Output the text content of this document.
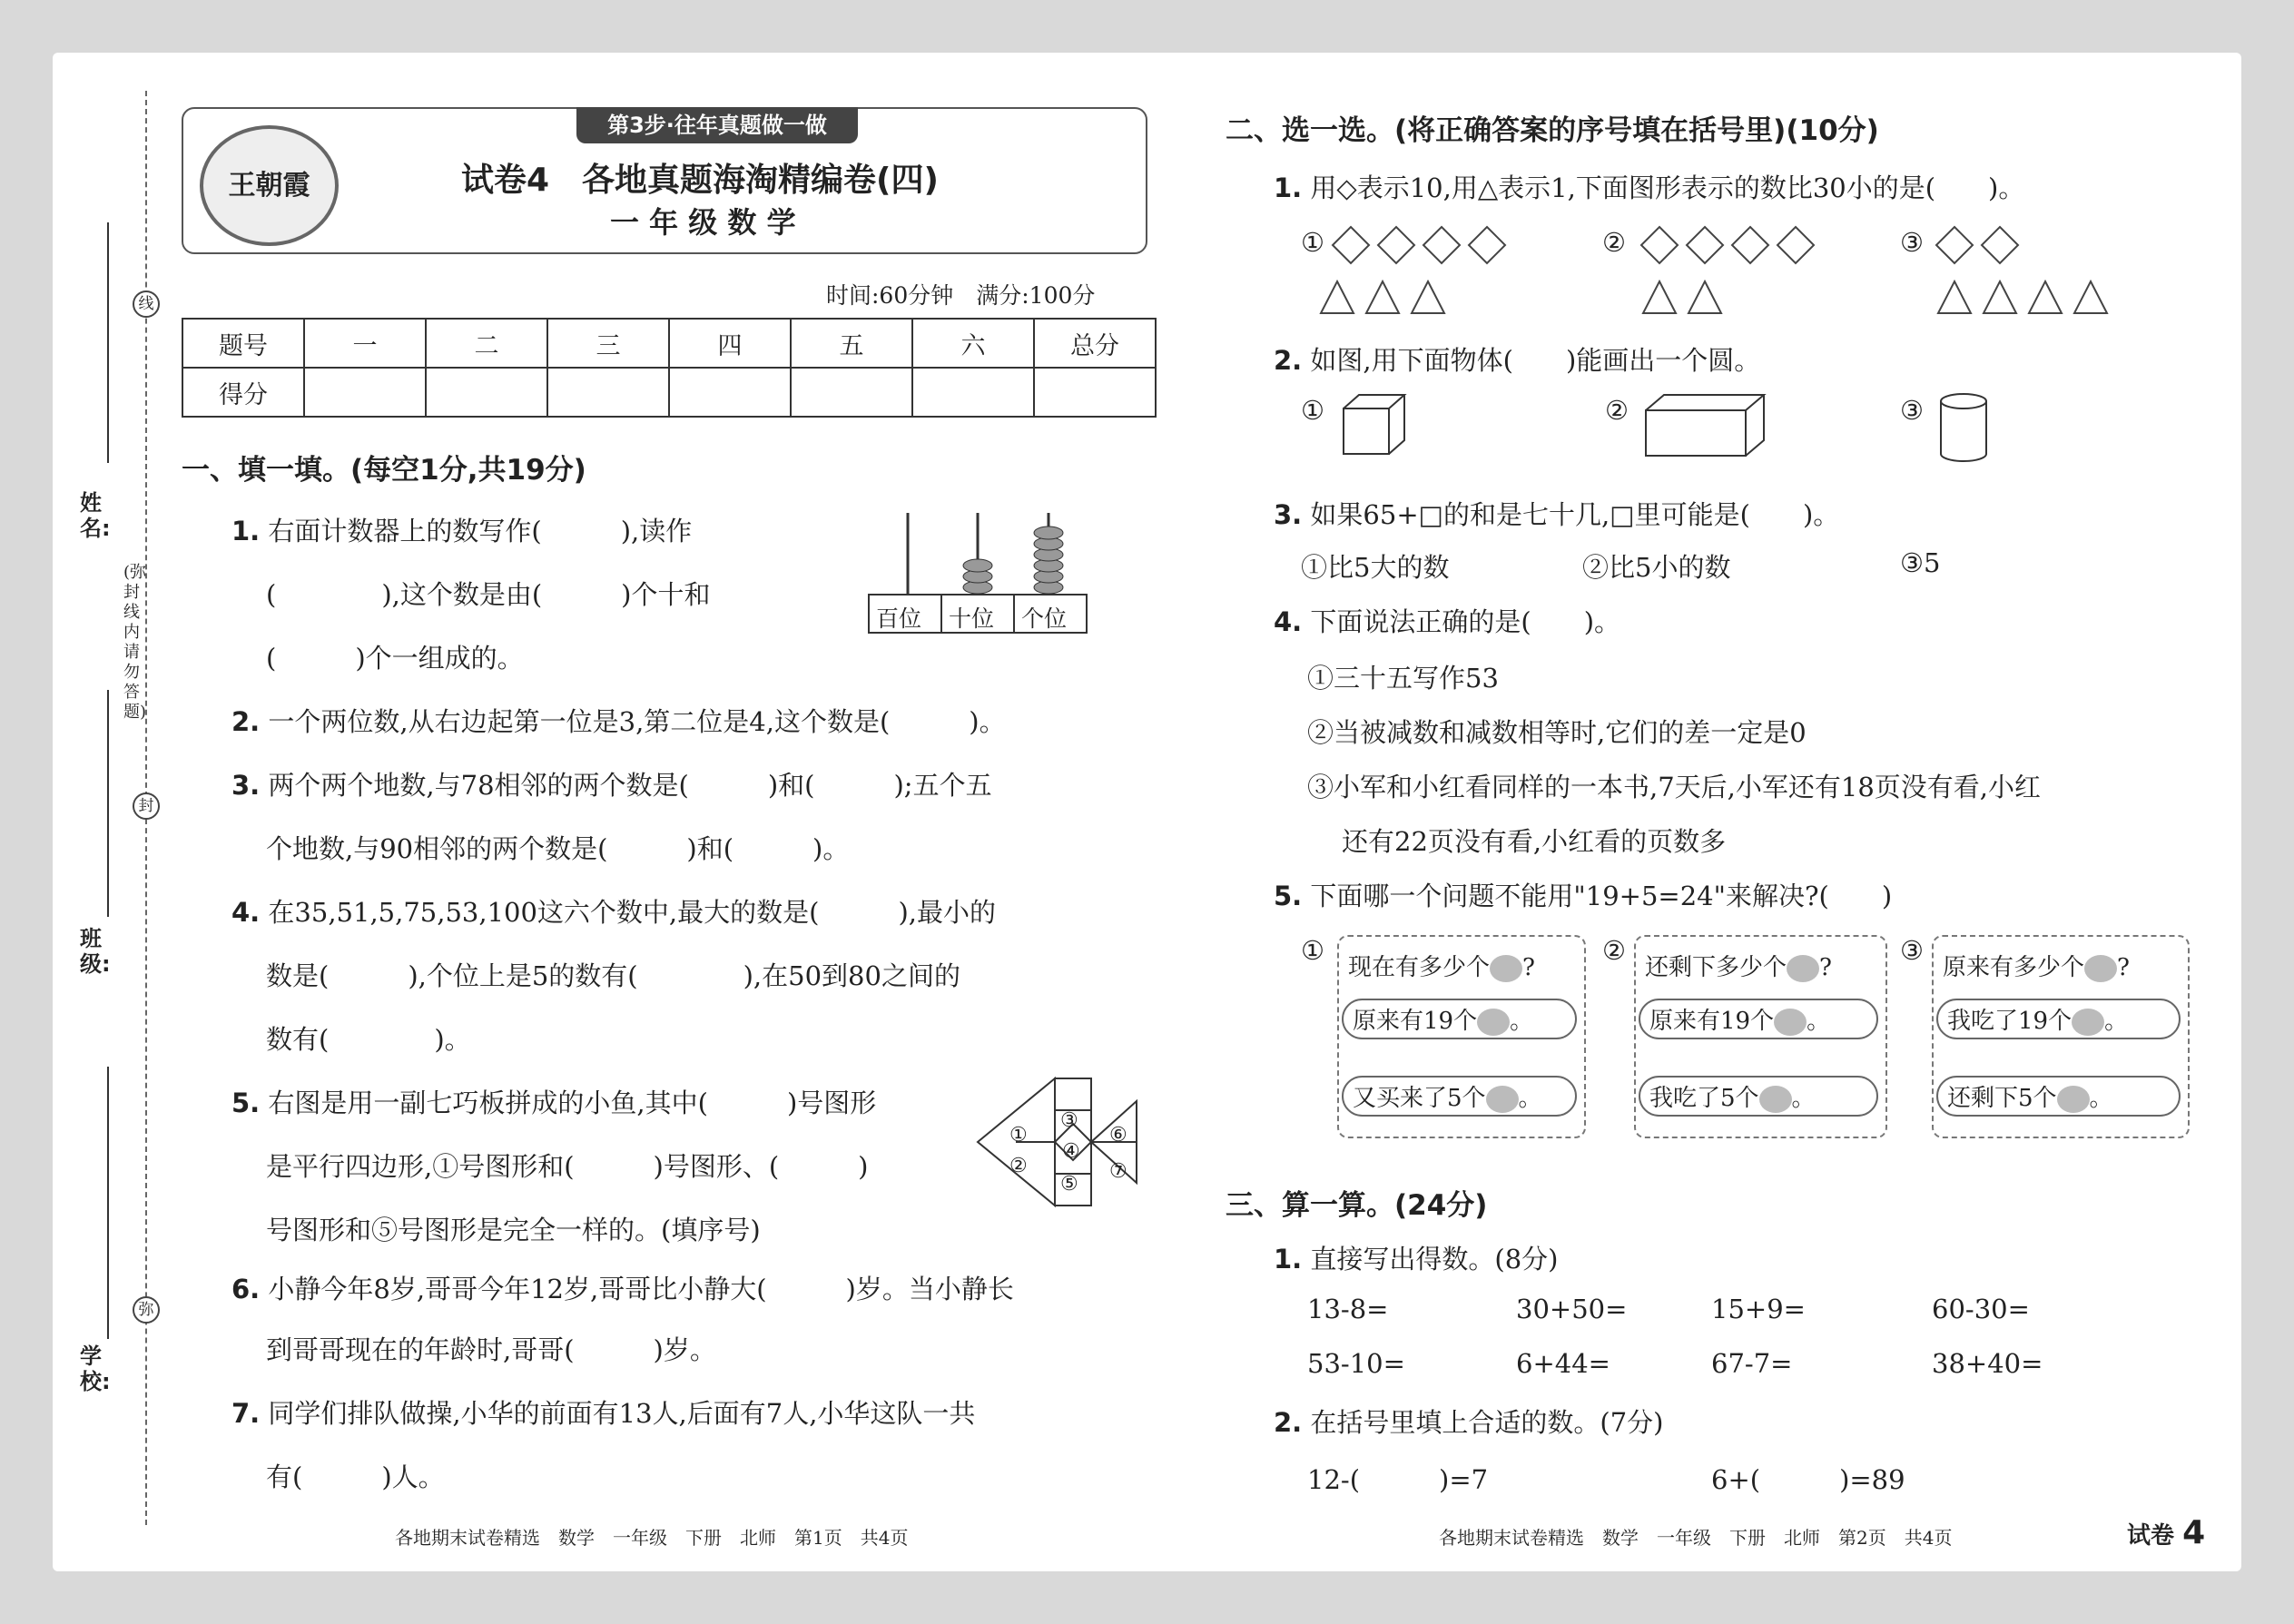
姓名:
班级:
学校:
线
封
弥
(弥封线内请勿答题)
第3步·往年真题做一做
王朝霞	试卷4　各地真题海淘精编卷(四)
一 年 级 数 学
时间:60分钟　满分:100分
题号	一	二	三	四	五	六	总分
得分							
一、填一填。(每空1分,共19分)
1. 右面计数器上的数写作(　　　),读作
(　　　　),这个数是由(　　　)个十和
(　　　)个一组成的。
百位 十位 个位
2. 一个两位数,从右边起第一位是3,第二位是4,这个数是(　　　)。
3. 两个两个地数,与78相邻的两个数是(　　　)和(　　　);五个五
个地数,与90相邻的两个数是(　　　)和(　　　)。
4. 在35,51,5,75,53,100这六个数中,最大的数是(　　　),最小的
数是(　　　),个位上是5的数有(　　　　),在50到80之间的
数有(　　　　)。
5. 右图是用一副七巧板拼成的小鱼,其中(　　　)号图形
是平行四边形,①号图形和(　　　)号图形、(　　　)
号图形和⑤号图形是完全一样的。(填序号)
①
②
③
④
⑤
⑥
⑦
6. 小静今年8岁,哥哥今年12岁,哥哥比小静大(　　　)岁。当小静长
到哥哥现在的年龄时,哥哥(　　　)岁。
7. 同学们排队做操,小华的前面有13人,后面有7人,小华这队一共
有(　　　)人。
各地期末试卷精选　数学　一年级　下册　北师　第1页　共4页
二、选一选。(将正确答案的序号填在括号里)(10分)
1. 用◇表示10,用△表示1,下面图形表示的数比30小的是(　　)。
①	②	③
2. 如图,用下面物体(　　)能画出一个圆。
①	②	③
3. 如果65+□的和是七十几,□里可能是(　　)。
①比5大的数	②比5小的数	③5
4. 下面说法正确的是(　　)。
①三十五写作53
②当被减数和减数相等时,它们的差一定是0
③小军和小红看同样的一本书,7天后,小军还有18页没有看,小红
还有22页没有看,小红看的页数多
5. 下面哪一个问题不能用"19+5=24"来解决?(　　)
①
现在有多少个 ?
原来有19个 。
又买来了5个 。
②
还剩下多少个 ?
原来有19个 。
我吃了5个 。
③
原来有多少个 ?
我吃了19个 。
还剩下5个 。
三、算一算。(24分)
1. 直接写出得数。(8分)
13-8=	30+50=	15+9=	60-30=
53-10=	6+44=	67-7=	38+40=
2. 在括号里填上合适的数。(7分)
12-(　　　)=7	6+(　　　)=89
各地期末试卷精选　数学　一年级　下册　北师　第2页　共4页	试卷 4
